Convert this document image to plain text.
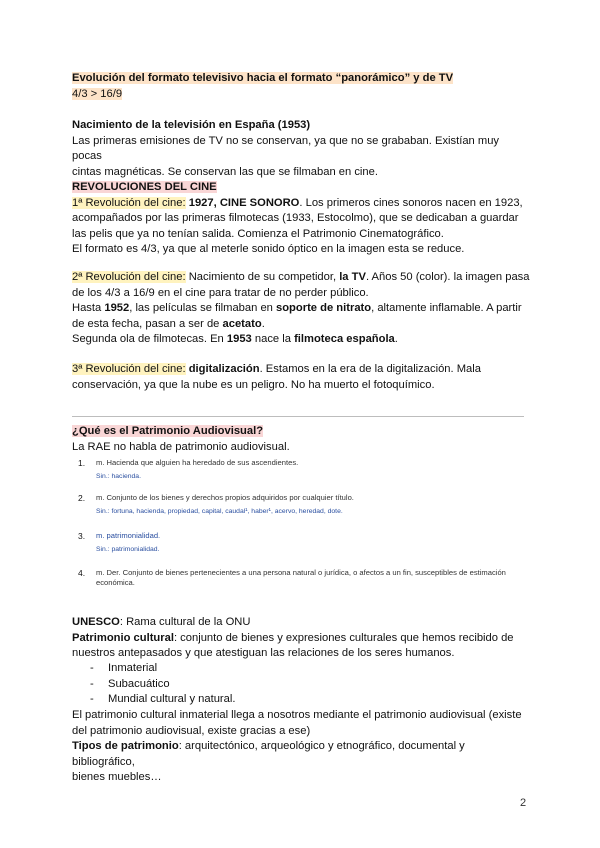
Evolución del formato televisivo hacia el formato “panorámico” y de TV

4/3 > 16/9

Nacimiento de la televisión en España (1953)

Las primeras emisiones de TV no se conservan, ya que no se grababan. Existían muy pocas

cintas magnéticas. Se conservan las que se filmaban en cine.

REVOLUCIONES DEL CINE

1ª Revolución del cine: 1927, CINE SONORO. Los primeros cines sonoros nacen en 1923,

acompañados por las primeras filmotecas (1933, Estocolmo), que se dedicaban a guardar

las pelis que ya no tenían salida. Comienza el Patrimonio Cinematográfico.

El formato es 4/3, ya que al meterle sonido óptico en la imagen esta se reduce.

2ª Revolución del cine: Nacimiento de su competidor, la TV. Años 50 (color). la imagen pasa

de los 4/3 a 16/9 en el cine para tratar de no perder público.

Hasta 1952, las películas se filmaban en soporte de nitrato, altamente inflamable. A partir

de esta fecha, pasan a ser de acetato.

Segunda ola de filmotecas. En 1953 nace la filmoteca española.

3ª Revolución del cine: digitalización. Estamos en la era de la digitalización. Mala

conservación, ya que la nube es un peligro. No ha muerto el fotoquímico.

¿Qué es el Patrimonio Audiovisual?

La RAE no habla de patrimonio audiovisual.

1. m. Hacienda que alguien ha heredado de sus ascendientes.
Sin.: hacienda.
2. m. Conjunto de los bienes y derechos propios adquiridos por cualquier título.
Sin.: fortuna, hacienda, propiedad, capital, caudal¹, haber¹, acervo, heredad, dote.
3. m. patrimonialidad.
Sin.: patrimonialidad.
4. m. Der. Conjunto de bienes pertenecientes a una persona natural o jurídica, o afectos a un fin, susceptibles de estimación económica.

UNESCO: Rama cultural de la ONU

Patrimonio cultural: conjunto de bienes y expresiones culturales que hemos recibido de

nuestros antepasados y que atestiguan las relaciones de los seres humanos.

- Inmaterial
- Subacuático
- Mundial cultural y natural.

El patrimonio cultural inmaterial llega a nosotros mediante el patrimonio audiovisual (existe

del patrimonio audiovisual, existe gracias a ese)

Tipos de patrimonio: arquitectónico, arqueológico y etnográfico, documental y bibliográfico,

bienes muebles…

2
